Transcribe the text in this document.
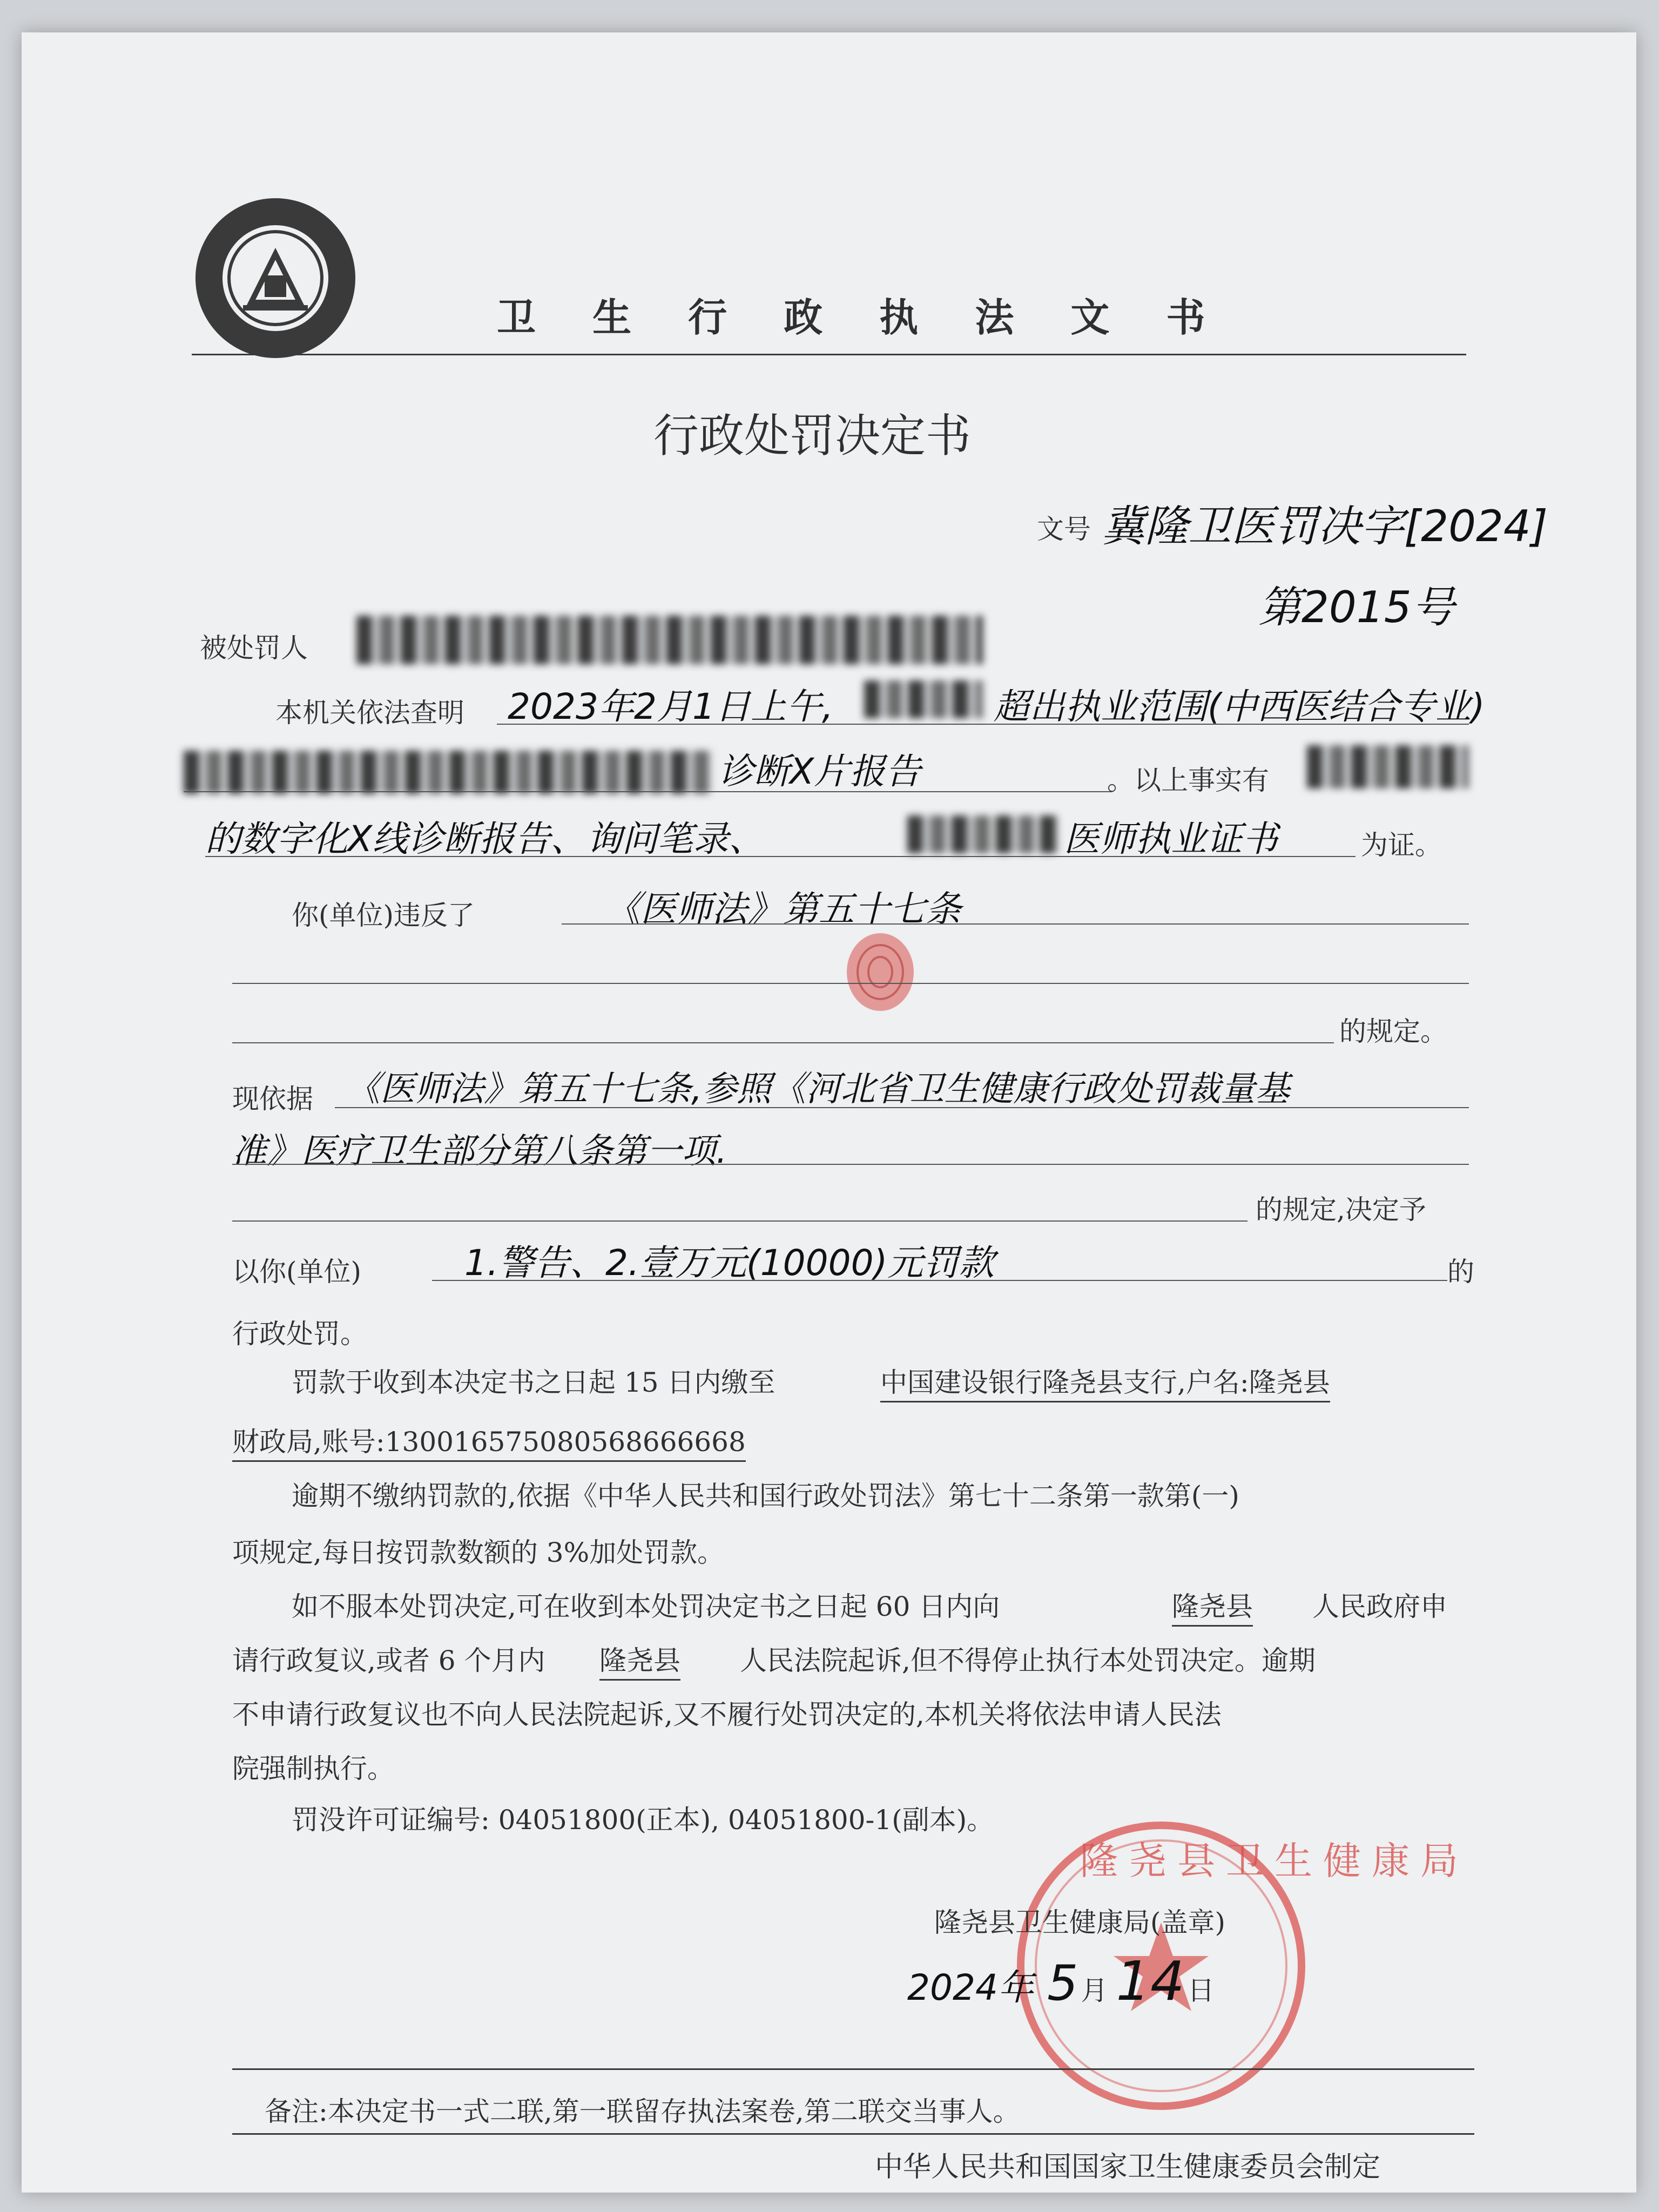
卫 生 行 政 执 法 文 书
行政处罚决定书
文号 冀隆卫医罚决字[2024]
第2015号
被处罚人
本机关依法查明 2023年2月1日上午,	超出执业范围(中西医结合专业)
诊断X片报告	。以上事实有
的数字化X线诊断报告、询问笔录、	医师执业证书	为证。
你(单位)违反了	《医师法》第五十七条
的规定。
现依据 《医师法》第五十七条,参照《河北省卫生健康行政处罚裁量基
准》医疗卫生部分第八条第一项.
的规定,决定予
以你(单位)	1.警告、2.壹万元(10000)元罚款	的
行政处罚。
罚款于收到本决定书之日起 15 日内缴至	中国建设银行隆尧县支行,户名:隆尧县
财政局,账号:130016575080568666668
逾期不缴纳罚款的,依据《中华人民共和国行政处罚法》第七十二条第一款第(一)
项规定,每日按罚款数额的 3%加处罚款。
如不服本处罚决定,可在收到本处罚决定书之日起 60 日内向	隆尧县 人民政府申
请行政复议,或者 6 个月内 隆尧县 人民法院起诉,但不得停止执行本处罚决定。逾期
不申请行政复议也不向人民法院起诉,又不履行处罚决定的,本机关将依法申请人民法
院强制执行。
罚没许可证编号: 04051800(正本), 04051800-1(副本)。
隆尧县卫生健康局
隆尧县卫生健康局(盖章)
2024年 5 月 14 日
备注:本决定书一式二联,第一联留存执法案卷,第二联交当事人。
中华人民共和国国家卫生健康委员会制定
